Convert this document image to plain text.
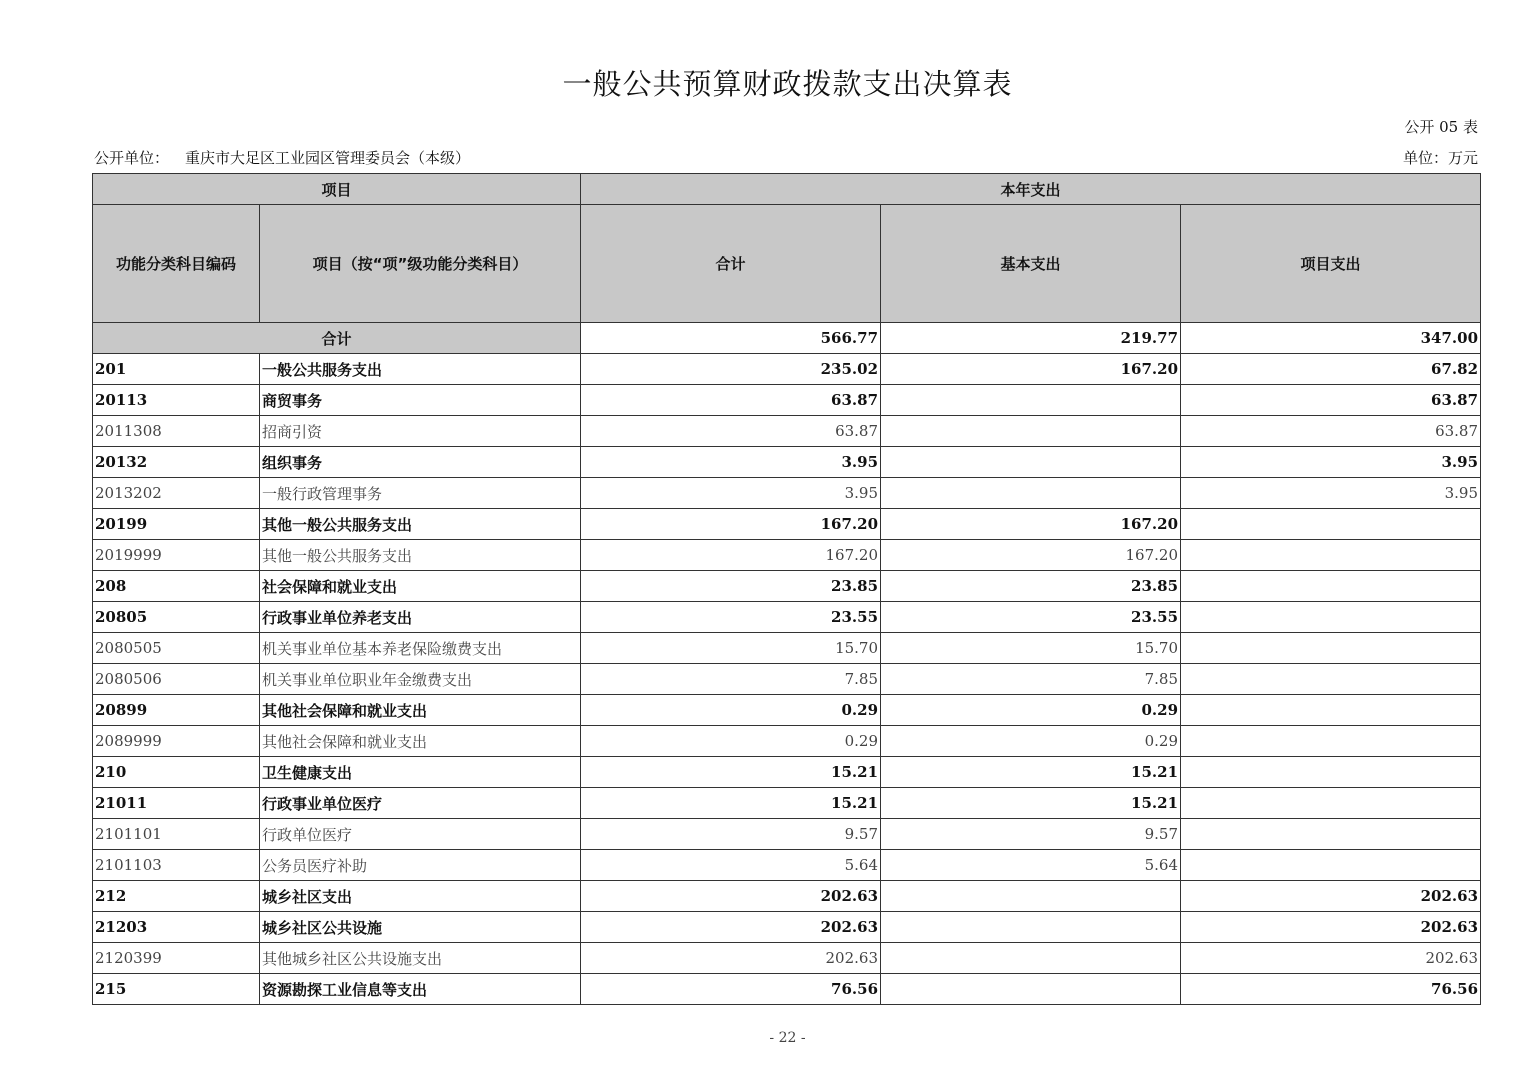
一般公共预算财政拨款支出决算表
公开 05 表
公开单位： 重庆市大足区工业园区管理委员会（本级）	单位：万元
项目		本年支出		
功能分类科目编码	项目（按“项”级功能分类科目）	合计	基本支出	项目支出
合计		566.77	219.77	347.00
201	一般公共服务支出	235.02	167.20	67.82
20113	商贸事务	63.87		63.87
2011308	招商引资	63.87		63.87
20132	组织事务	3.95		3.95
2013202	一般行政管理事务	3.95		3.95
20199	其他一般公共服务支出	167.20	167.20	
2019999	其他一般公共服务支出	167.20	167.20	
208	社会保障和就业支出	23.85	23.85	
20805	行政事业单位养老支出	23.55	23.55	
2080505	机关事业单位基本养老保险缴费支出	15.70	15.70	
2080506	机关事业单位职业年金缴费支出	7.85	7.85	
20899	其他社会保障和就业支出	0.29	0.29	
2089999	其他社会保障和就业支出	0.29	0.29	
210	卫生健康支出	15.21	15.21	
21011	行政事业单位医疗	15.21	15.21	
2101101	行政单位医疗	9.57	9.57	
2101103	公务员医疗补助	5.64	5.64	
212	城乡社区支出	202.63		202.63
21203	城乡社区公共设施	202.63		202.63
2120399	其他城乡社区公共设施支出	202.63		202.63
215	资源勘探工业信息等支出	76.56		76.56
- 22 -
